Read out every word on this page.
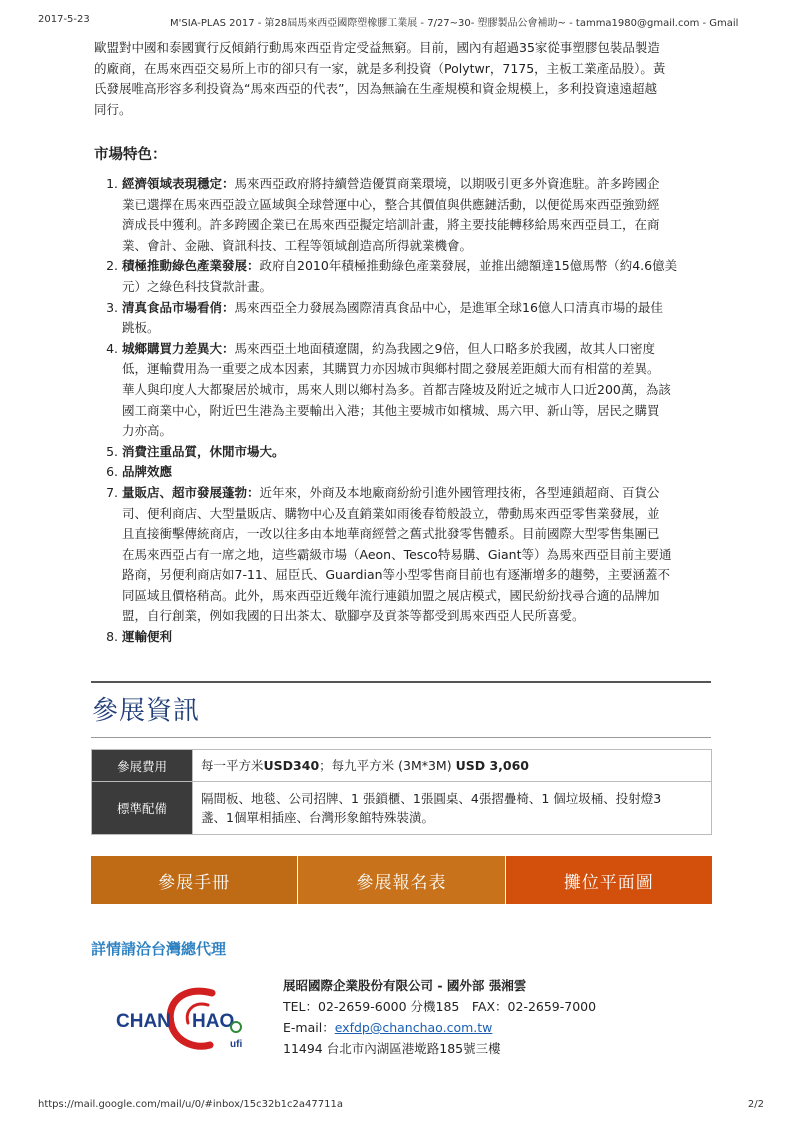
2017-5-23	M'SIA-PLAS 2017 - 第28屆馬來西亞國際塑橡膠工業展 - 7/27~30- 塑膠製品公會補助~ - tamma1980@gmail.com - Gmail
歐盟對中國和泰國實行反傾銷行動馬來西亞肯定受益無窮。目前，國內有超過35家從事塑膠包裝品製造
的廠商，在馬來西亞交易所上市的卻只有一家，就是多利投資（Polytwr，7175，主板工業產品股）。黃
氏發展唯高形容多利投資為“馬來西亞的代表”，因為無論在生產規模和資金規模上，多利投資遠遠超越
同行。
市場特色：
1. 經濟領域表現穩定：馬來西亞政府將持續營造優質商業環境，以期吸引更多外資進駐。許多跨國企
業已選擇在馬來西亞設立區域與全球營運中心，整合其價值與供應鏈活動，以便從馬來西亞強勁經
濟成長中獲利。許多跨國企業已在馬來西亞擬定培訓計畫，將主要技能轉移給馬來西亞員工，在商
業、會計、金融、資訊科技、工程等領域創造高所得就業機會。
2. 積極推動綠色產業發展：政府自2010年積極推動綠色產業發展，並推出總額達15億馬幣（約4.6億美
元）之綠色科技貸款計畫。
3. 清真食品市場看俏：馬來西亞全力發展為國際清真食品中心，是進軍全球16億人口清真市場的最佳
跳板。
4. 城鄉購買力差異大：馬來西亞土地面積遼闊，約為我國之9倍，但人口略多於我國，故其人口密度
低，運輸費用為一重要之成本因素，其購買力亦因城市與鄉村間之發展差距頗大而有相當的差異。
華人與印度人大都聚居於城市，馬來人則以鄉村為多。首都吉隆坡及附近之城市人口近200萬，為該
國工商業中心，附近巴生港為主要輸出入港；其他主要城市如檳城、馬六甲、新山等，居民之購買
力亦高。
5. 消費注重品質，休閒市場大。
6. 品牌效應
7. 量販店、超市發展蓬勃：近年來，外商及本地廠商紛紛引進外國管理技術，各型連鎖超商、百貨公
司、便利商店、大型量販店、購物中心及直銷業如雨後春筍般設立，帶動馬來西亞零售業發展，並
且直接衝擊傳統商店，一改以往多由本地華商經營之舊式批發零售體系。目前國際大型零售集團已
在馬來西亞占有一席之地，這些霸級市場（Aeon、Tesco特易購、Giant等）為馬來西亞目前主要通
路商，另便利商店如7-11、屈臣氏、Guardian等小型零售商目前也有逐漸增多的趨勢，主要涵蓋不
同區域且價格稍高。此外，馬來西亞近幾年流行連鎖加盟之展店模式，國民紛紛找尋合適的品牌加
盟，自行創業，例如我國的日出茶太、歇腳亭及貢茶等都受到馬來西亞人民所喜愛。
8. 運輸便利
參展資訊
參展費用	每一平方米USD340；每九平方米 (3M*3M) USD 3,060
標準配備	隔間板、地毯、公司招牌、1 張鎖櫃、1張圓桌、4張摺疊椅、1 個垃圾桶、投射燈3
盞、1個單相插座、台灣形象館特殊裝潢。
參展手冊	參展報名表	攤位平面圖
詳情請洽台灣總代理
CHAN HAO
ufi
展昭國際企業股份有限公司 - 國外部 張湘雲
TEL：02-2659-6000 分機185　FAX：02-2659-7000
E-mail：exfdp@chanchao.com.tw
11494 台北市內湖區港墘路185號三樓
https://mail.google.com/mail/u/0/#inbox/15c32b1c2a47711a	2/2
